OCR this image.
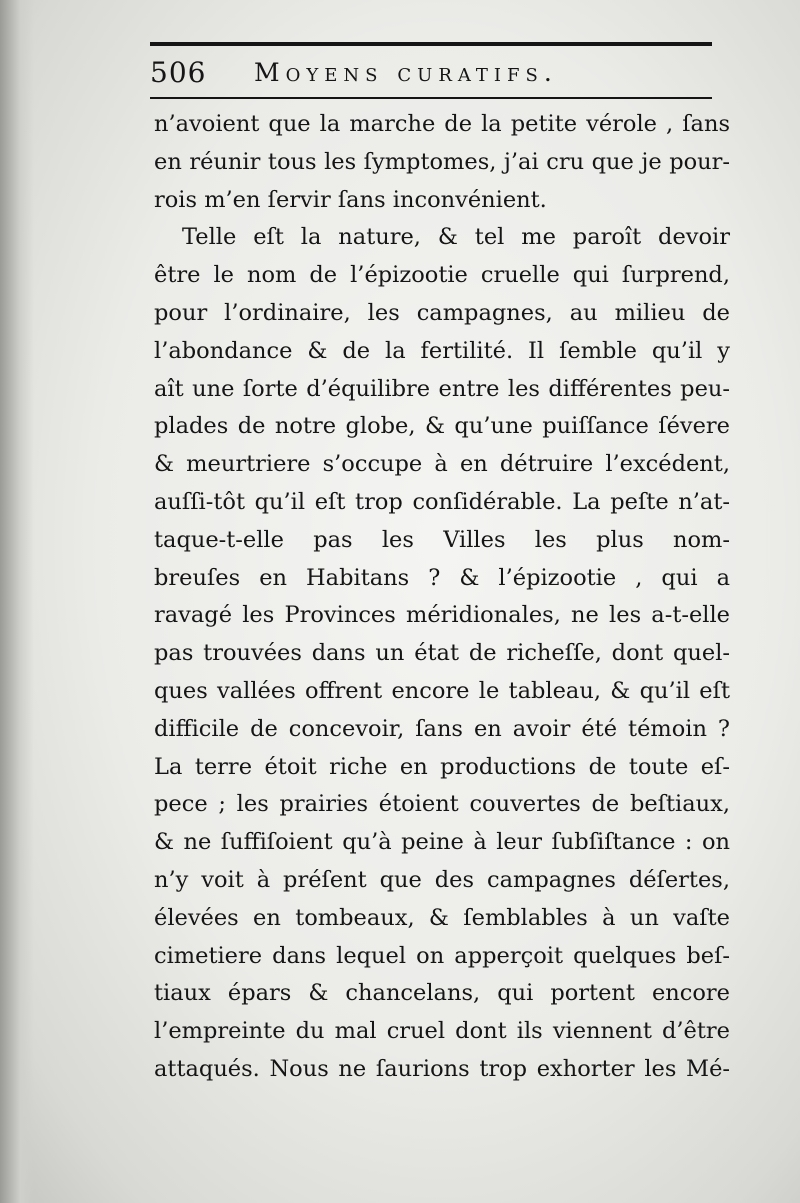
506 Moyens curatifs.
n’avoient que la marche de la petite vérole , ſans
en réunir tous les ſymptomes, j’ai cru que je pour-
rois m’en ſervir ſans inconvénient.
Telle eſt la nature, & tel me paroît devoir
être le nom de l’épizootie cruelle qui ſurprend,
pour l’ordinaire, les campagnes, au milieu de
l’abondance & de la fertilité. Il ſemble qu’il y
aît une ſorte d’équilibre entre les différentes peu-
plades de notre globe, & qu’une puiſſance ſévere
& meurtriere s’occupe à en détruire l’excédent,
auſſi-tôt qu’il eſt trop conſidérable. La peſte n’at-
taque-t-elle pas les Villes les plus nom-
breuſes en Habitans ? & l’épizootie , qui a
ravagé les Provinces méridionales, ne les a-t-elle
pas trouvées dans un état de richeſſe, dont quel-
ques vallées offrent encore le tableau, & qu’il eſt
difficile de concevoir, ſans en avoir été témoin ?
La terre étoit riche en productions de toute eſ-
pece ; les prairies étoient couvertes de beſtiaux,
& ne ſuffiſoient qu’à peine à leur ſubſiſtance : on
n’y voit à préſent que des campagnes déſertes,
élevées en tombeaux, & ſemblables à un vaſte
cimetiere dans lequel on apperçoit quelques beſ-
tiaux épars & chancelans, qui portent encore
l’empreinte du mal cruel dont ils viennent d’être
attaqués. Nous ne ſaurions trop exhorter les Mé-
